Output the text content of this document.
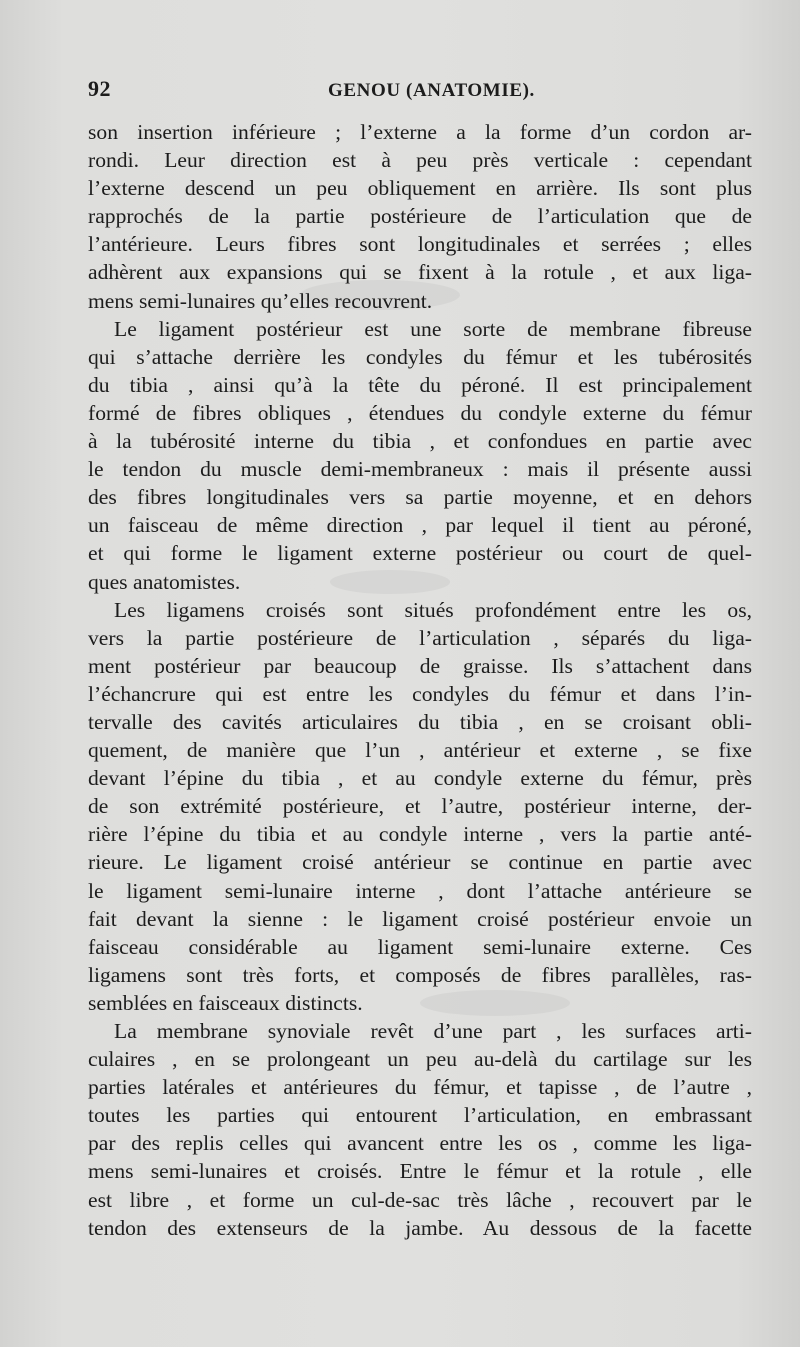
92	GENOU (ANATOMIE).
son insertion inférieure ; l’externe a la forme d’un cordon ar-
rondi. Leur direction est à peu près verticale : cependant
l’externe descend un peu obliquement en arrière. Ils sont plus
rapprochés de la partie postérieure de l’articulation que de
l’antérieure. Leurs fibres sont longitudinales et serrées ; elles
adhèrent aux expansions qui se fixent à la rotule , et aux liga-
mens semi-lunaires qu’elles recouvrent.
Le ligament postérieur est une sorte de membrane fibreuse
qui s’attache derrière les condyles du fémur et les tubérosités
du tibia , ainsi qu’à la tête du péroné. Il est principalement
formé de fibres obliques , étendues du condyle externe du fémur
à la tubérosité interne du tibia , et confondues en partie avec
le tendon du muscle demi-membraneux : mais il présente aussi
des fibres longitudinales vers sa partie moyenne, et en dehors
un faisceau de même direction , par lequel il tient au péroné,
et qui forme le ligament externe postérieur ou court de quel-
ques anatomistes.
Les ligamens croisés sont situés profondément entre les os,
vers la partie postérieure de l’articulation , séparés du liga-
ment postérieur par beaucoup de graisse. Ils s’attachent dans
l’échancrure qui est entre les condyles du fémur et dans l’in-
tervalle des cavités articulaires du tibia , en se croisant obli-
quement, de manière que l’un , antérieur et externe , se fixe
devant l’épine du tibia , et au condyle externe du fémur, près
de son extrémité postérieure, et l’autre, postérieur interne, der-
rière l’épine du tibia et au condyle interne , vers la partie anté-
rieure. Le ligament croisé antérieur se continue en partie avec
le ligament semi-lunaire interne , dont l’attache antérieure se
fait devant la sienne : le ligament croisé postérieur envoie un
faisceau considérable au ligament semi-lunaire externe. Ces
ligamens sont très forts, et composés de fibres parallèles, ras-
semblées en faisceaux distincts.
La membrane synoviale revêt d’une part , les surfaces arti-
culaires , en se prolongeant un peu au-delà du cartilage sur les
parties latérales et antérieures du fémur, et tapisse , de l’autre ,
toutes les parties qui entourent l’articulation, en embrassant
par des replis celles qui avancent entre les os , comme les liga-
mens semi-lunaires et croisés. Entre le fémur et la rotule , elle
est libre , et forme un cul-de-sac très lâche , recouvert par le
tendon des extenseurs de la jambe. Au dessous de la facette
